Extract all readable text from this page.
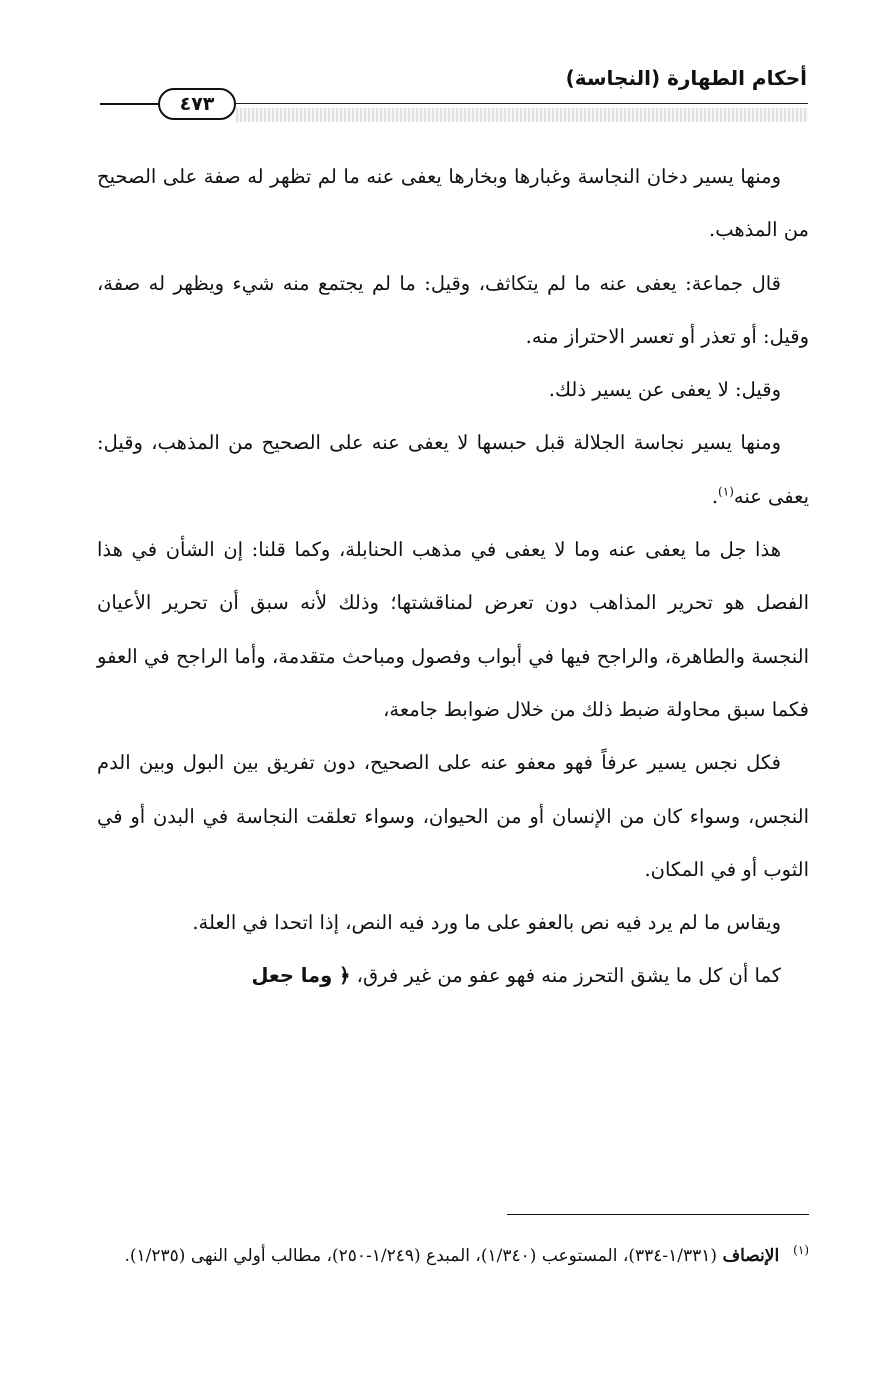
أحكام الطهارة (النجاسة)
٤٧٣

ومنها يسير دخان النجاسة وغبارها وبخارها يعفى عنه ما لم تظهر له صفة على الصحيح من المذهب.

قال جماعة: يعفى عنه ما لم يتكاثف، وقيل: ما لم يجتمع منه شيء ويظهر له صفة، وقيل: أو تعذر أو تعسر الاحتراز منه.

وقيل: لا يعفى عن يسير ذلك.

ومنها يسير نجاسة الجلالة قبل حبسها لا يعفى عنه على الصحيح من المذهب، وقيل: يعفى عنه$^{(١)}$.

هذا جل ما يعفى عنه وما لا يعفى في مذهب الحنابلة، وكما قلنا: إن الشأن في هذا الفصل هو تحرير المذاهب دون تعرض لمناقشتها؛ وذلك لأنه سبق أن تحرير الأعيان النجسة والطاهرة، والراجح فيها في أبواب وفصول ومباحث متقدمة، وأما الراجح في العفو فكما سبق محاولة ضبط ذلك من خلال ضوابط جامعة،

فكل نجس يسير عرفاً فهو معفو عنه على الصحيح، دون تفريق بين البول وبين الدم النجس، وسواء كان من الإنسان أو من الحيوان، وسواء تعلقت النجاسة في البدن أو في الثوب أو في المكان.

ويقاس ما لم يرد فيه نص بالعفو على ما ورد فيه النص، إذا اتحدا في العلة.

كما أن كل ما يشق التحرز منه فهو عفو من غير فرق، ﴿ وما جعل

$^{(١)}$الإنصاف (١/٣٣١-٣٣٤)، المستوعب (١/٣٤٠)، المبدع (١/٢٤٩-٢٥٠)، مطالب أولي النهى (١/٢٣٥).
